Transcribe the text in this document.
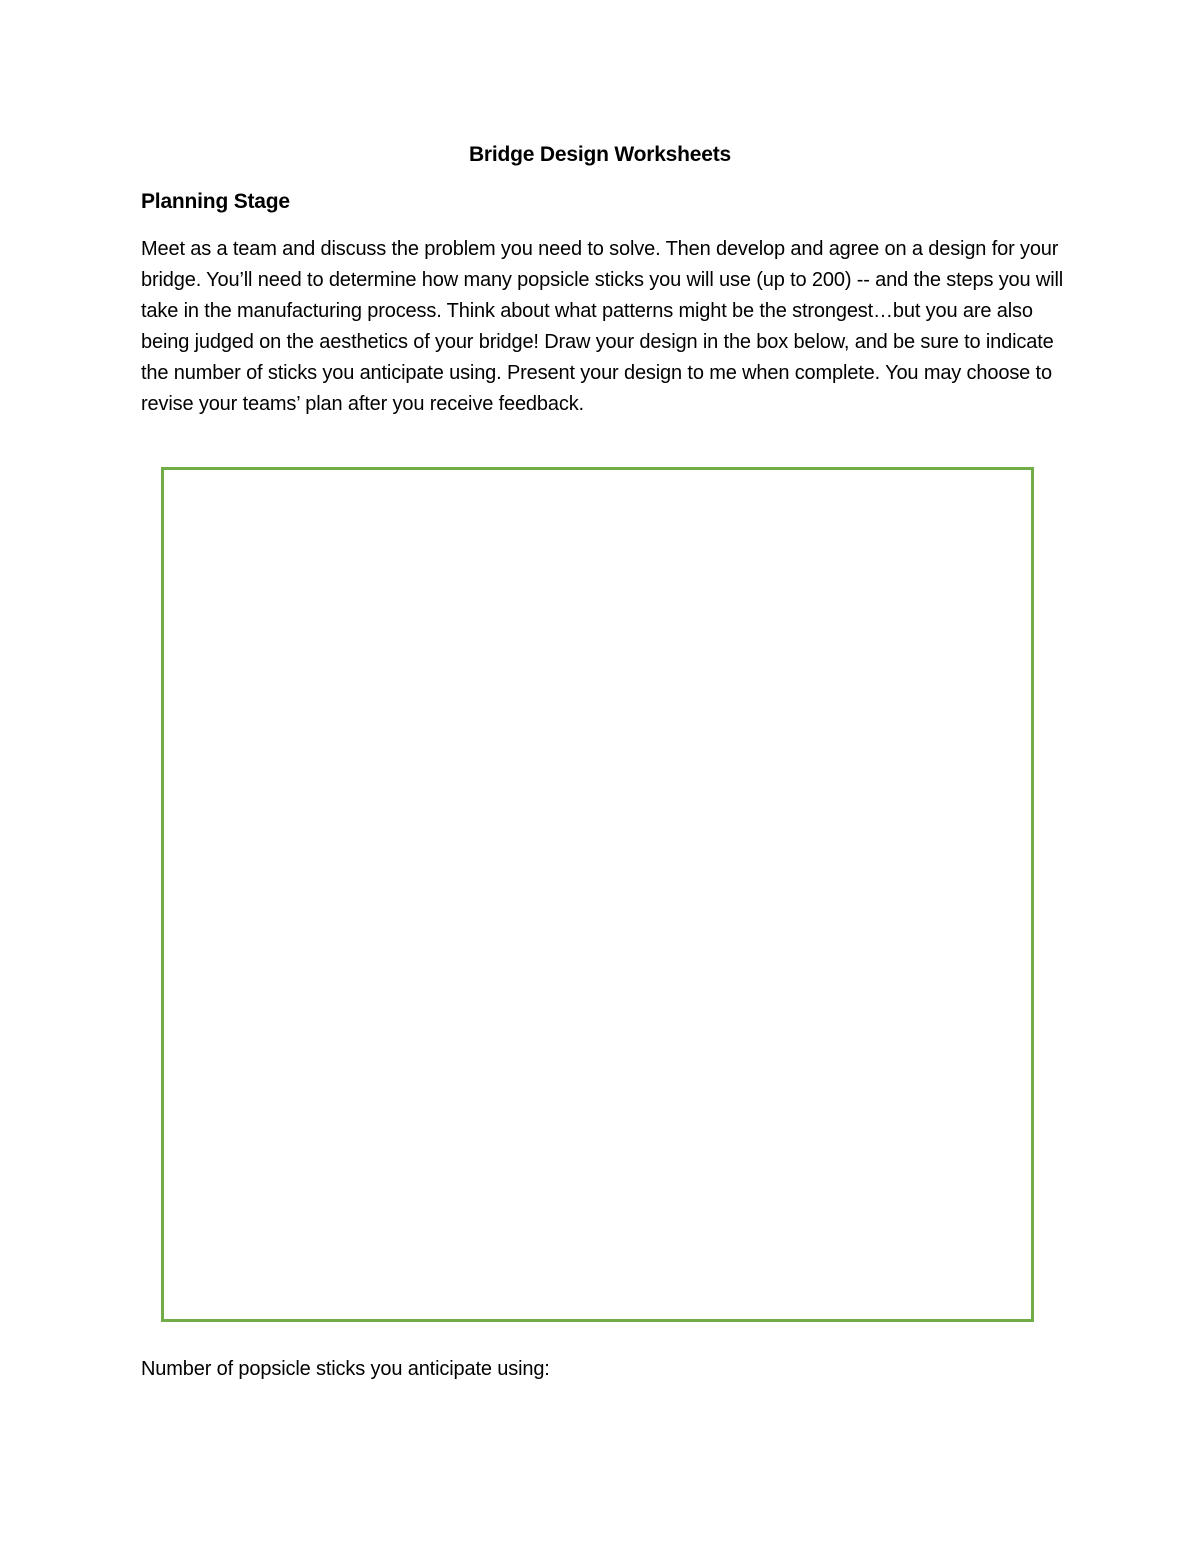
Bridge Design Worksheets
Planning Stage

Meet as a team and discuss the problem you need to solve. Then develop and agree on a design for your bridge. You’ll need to determine how many popsicle sticks you will use (up to 200) -- and the steps you will take in the manufacturing process. Think about what patterns might be the strongest…but you are also being judged on the aesthetics of your bridge! Draw your design in the box below, and be sure to indicate the number of sticks you anticipate using. Present your design to me when complete. You may choose to revise your teams’ plan after you receive feedback.

Number of popsicle sticks you anticipate using:
